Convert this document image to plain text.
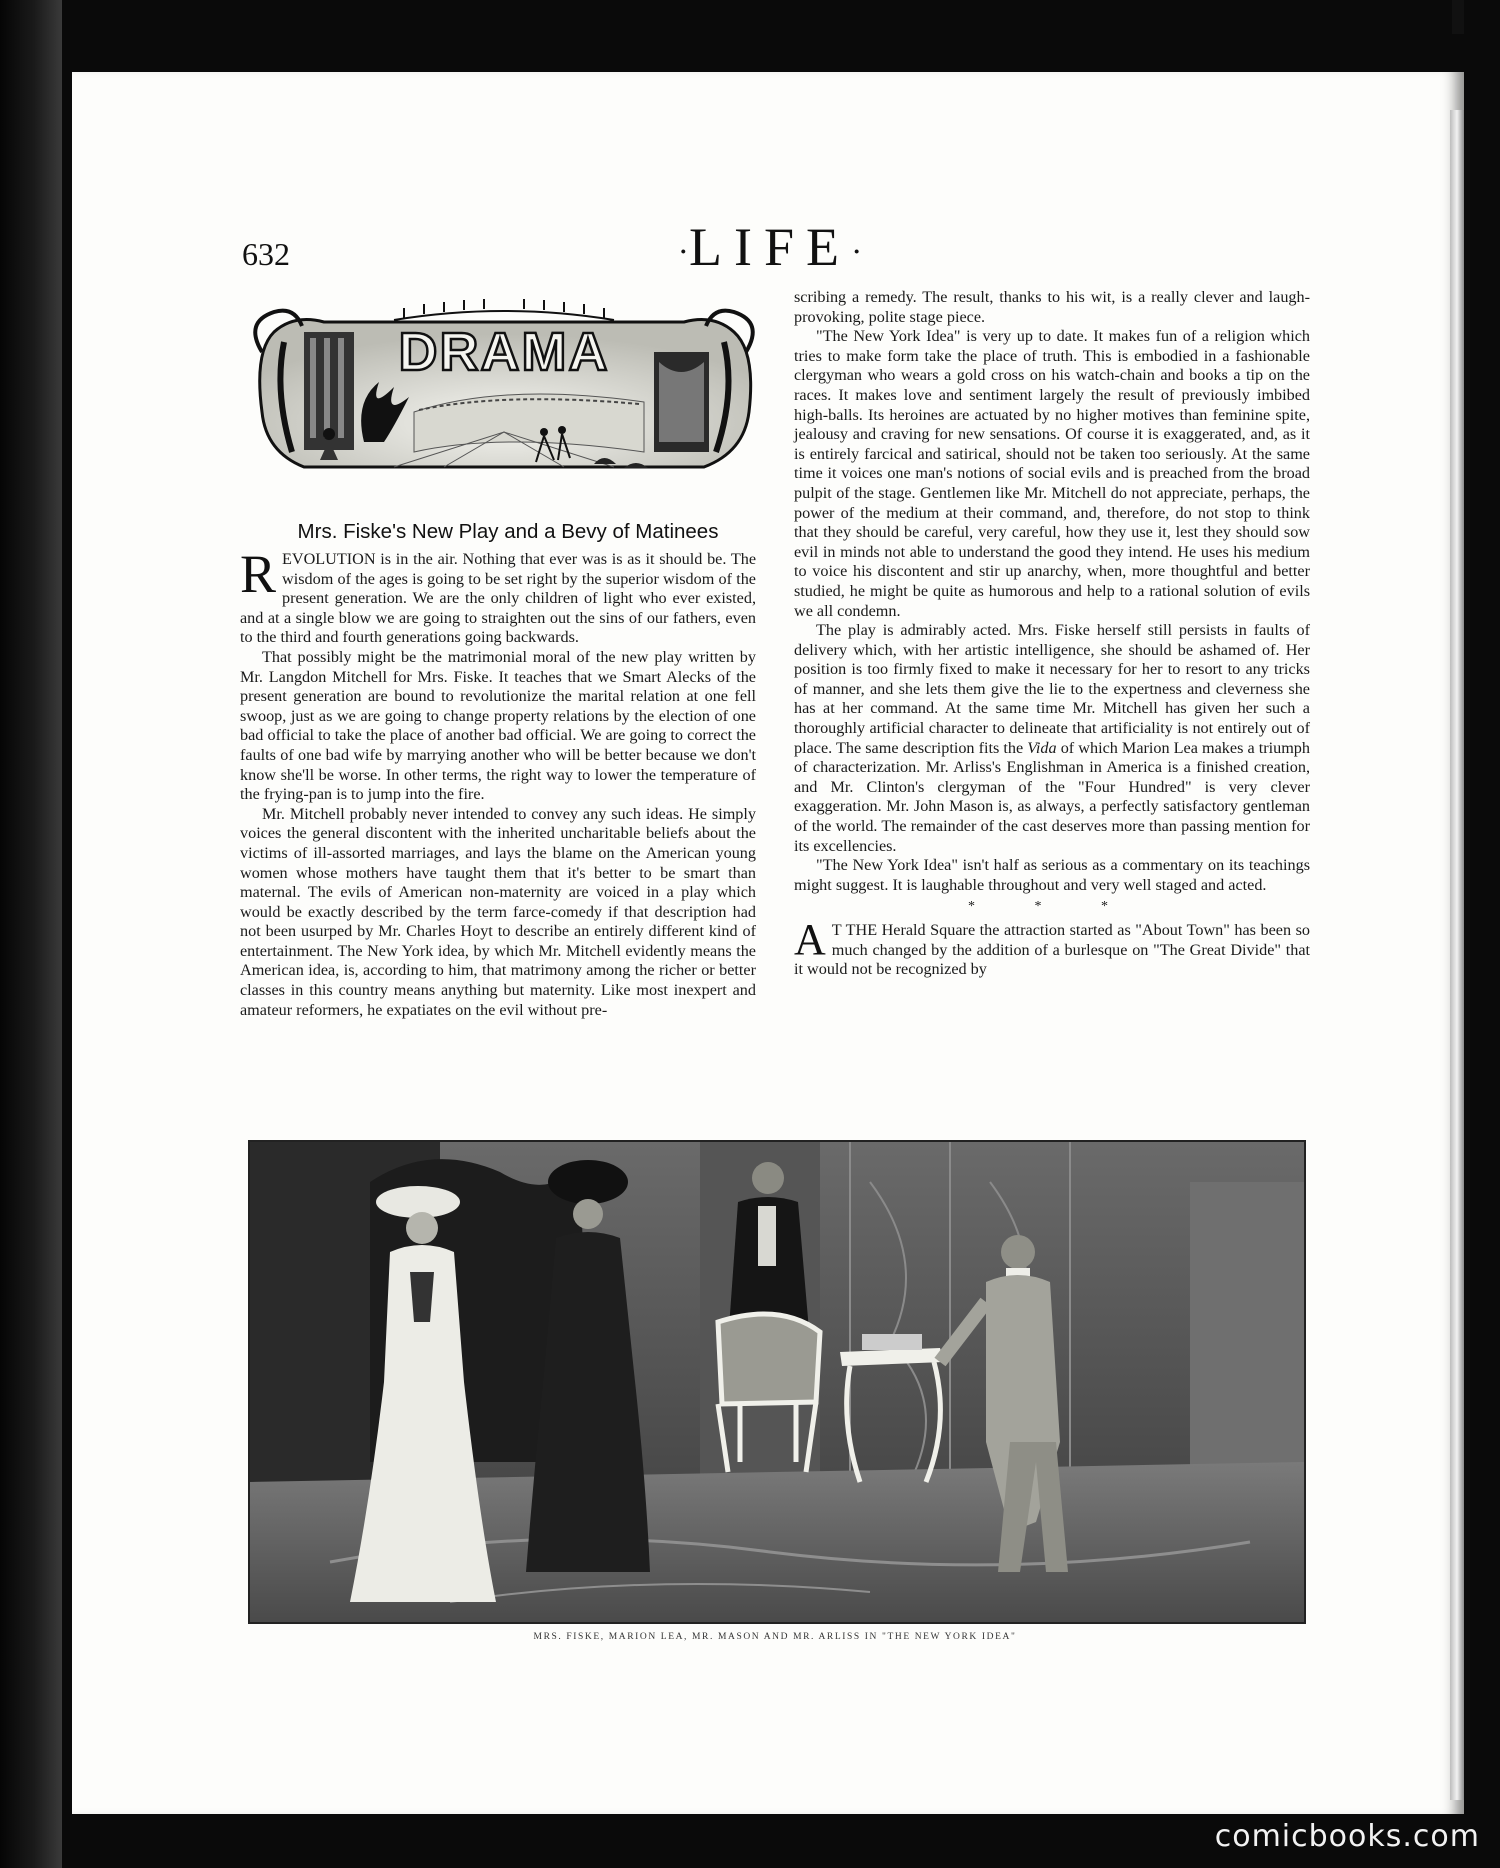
632	·LIFE·
DRAMA
Mrs. Fiske's New Play and a Bevy of Matinees

REVOLUTION is in the air. Nothing that ever was is as it should be. The wisdom of the ages is going to be set right by the superior wisdom of the present generation. We are the only children of light who ever existed, and at a single blow we are going to straighten out the sins of our fathers, even to the third and fourth generations going backwards.

That possibly might be the matrimonial moral of the new play written by Mr. Langdon Mitchell for Mrs. Fiske. It teaches that we Smart Alecks of the present generation are bound to revolutionize the marital relation at one fell swoop, just as we are going to change property relations by the election of one bad official to take the place of another bad official. We are going to correct the faults of one bad wife by marrying another who will be better because we don't know she'll be worse. In other terms, the right way to lower the temperature of the frying-pan is to jump into the fire.

Mr. Mitchell probably never intended to convey any such ideas. He simply voices the general discontent with the inherited uncharitable beliefs about the victims of ill-assorted marriages, and lays the blame on the American young women whose mothers have taught them that it's better to be smart than maternal. The evils of American non-maternity are voiced in a play which would be exactly described by the term farce-comedy if that description had not been usurped by Mr. Charles Hoyt to describe an entirely different kind of entertainment. The New York idea, by which Mr. Mitchell evidently means the American idea, is, according to him, that matrimony among the richer or better classes in this country means anything but maternity. Like most inexpert and amateur reformers, he expatiates on the evil without pre-

scribing a remedy. The result, thanks to his wit, is a really clever and laugh-provoking, polite stage piece.

"The New York Idea" is very up to date. It makes fun of a religion which tries to make form take the place of truth. This is embodied in a fashionable clergyman who wears a gold cross on his watch-chain and books a tip on the races. It makes love and sentiment largely the result of previously imbibed high-balls. Its heroines are actuated by no higher motives than feminine spite, jealousy and craving for new sensations. Of course it is exaggerated, and, as it is entirely farcical and satirical, should not be taken too seriously. At the same time it voices one man's notions of social evils and is preached from the broad pulpit of the stage. Gentlemen like Mr. Mitchell do not appreciate, perhaps, the power of the medium at their command, and, therefore, do not stop to think that they should be careful, very careful, how they use it, lest they should sow evil in minds not able to understand the good they intend. He uses his medium to voice his discontent and stir up anarchy, when, more thoughtful and better studied, he might be quite as humorous and help to a rational solution of evils we all condemn.

The play is admirably acted. Mrs. Fiske herself still persists in faults of delivery which, with her artistic intelligence, she should be ashamed of. Her position is too firmly fixed to make it necessary for her to resort to any tricks of manner, and she lets them give the lie to the expertness and cleverness she has at her command. At the same time Mr. Mitchell has given her such a thoroughly artificial character to delineate that artificiality is not entirely out of place. The same description fits the Vida of which Marion Lea makes a triumph of characterization. Mr. Arliss's Englishman in America is a finished creation, and Mr. Clinton's clergyman of the "Four Hundred" is very clever exaggeration. Mr. John Mason is, as always, a perfectly satisfactory gentleman of the world. The remainder of the cast deserves more than passing mention for its excellencies.

"The New York Idea" isn't half as serious as a commentary on its teachings might suggest. It is laughable throughout and very well staged and acted.

* * *

A T THE Herald Square the attraction started as "About Town" has been so much changed by the addition of a burlesque on "The Great Divide" that it would not be recognized by

MRS. FISKE, MARION LEA, MR. MASON AND MR. ARLISS IN "THE NEW YORK IDEA"
comicbooks.com
